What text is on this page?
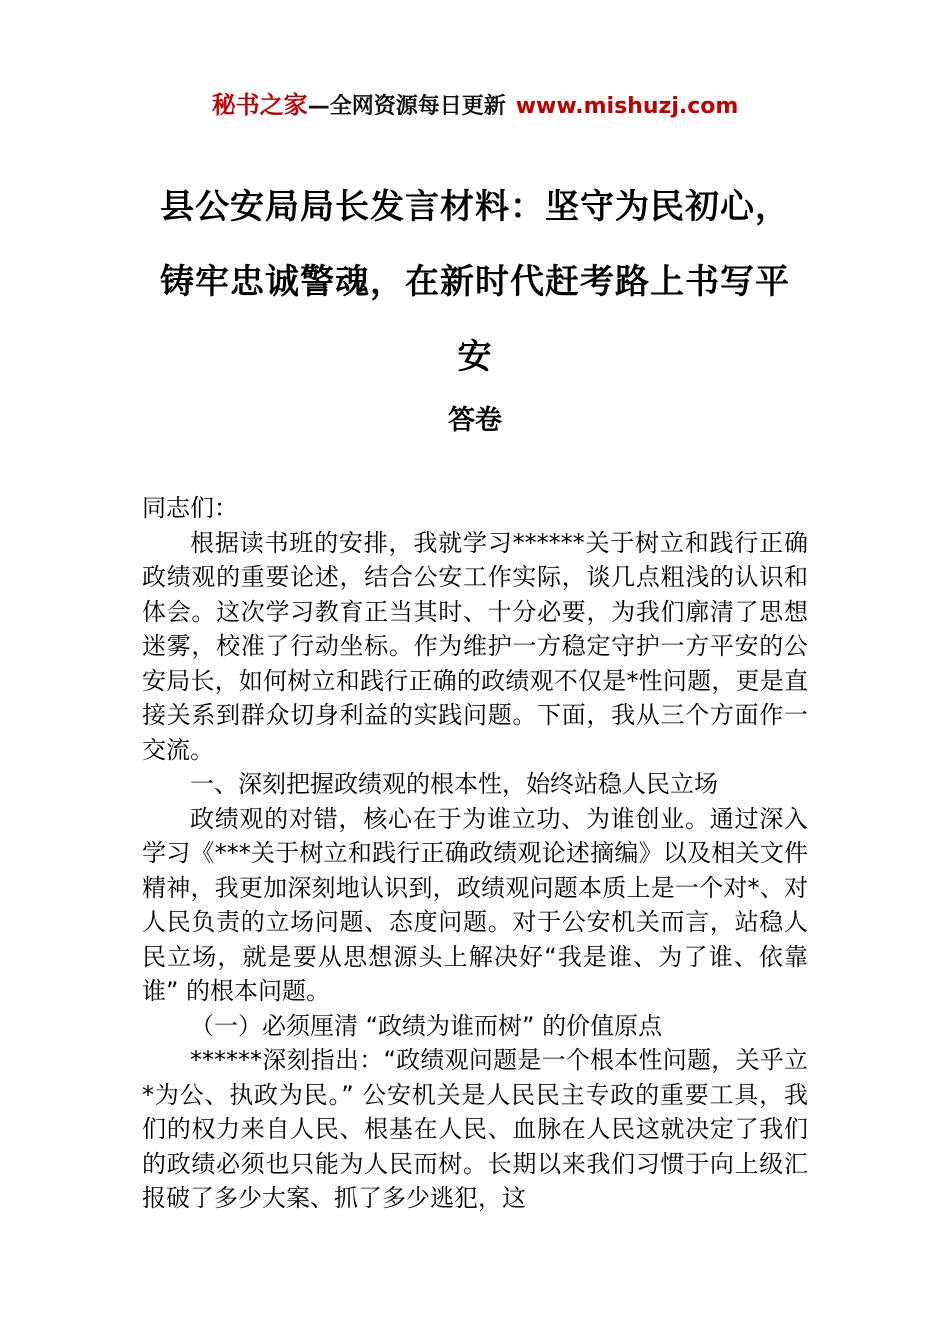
秘书之家—全网资源每日更新 www.mishuzj.com
县公安局局长发言材料：坚守为民初心，
铸牢忠诚警魂，在新时代赶考路上书写平
安
答卷

同志们：

根据读书班的安排，我就学习******关于树立和践行正确政绩观的重要论述，结合公安工作实际，谈几点粗浅的认识和体会。这次学习教育正当其时、十分必要，为我们廓清了思想迷雾，校准了行动坐标。作为维护一方稳定守护一方平安的公安局长，如何树立和践行正确的政绩观不仅是*性问题，更是直接关系到群众切身利益的实践问题。下面，我从三个方面作一交流。

一、深刻把握政绩观的根本性，始终站稳人民立场

政绩观的对错，核心在于为谁立功、为谁创业。通过深入学习《***关于树立和践行正确政绩观论述摘编》以及相关文件精神，我更加深刻地认识到，政绩观问题本质上是一个对*、对人民负责的立场问题、态度问题。对于公安机关而言，站稳人民立场，就是要从思想源头上解决好“我是谁、为了谁、依靠谁” 的根本问题。

（一）必须厘清 “政绩为谁而树” 的价值原点

******深刻指出：“政绩观问题是一个根本性问题，关乎立*为公、执政为民。” 公安机关是人民民主专政的重要工具，我们的权力来自人民、根基在人民、血脉在人民这就决定了我们的政绩必须也只能为人民而树。长期以来我们习惯于向上级汇报破了多少大案、抓了多少逃犯，这
